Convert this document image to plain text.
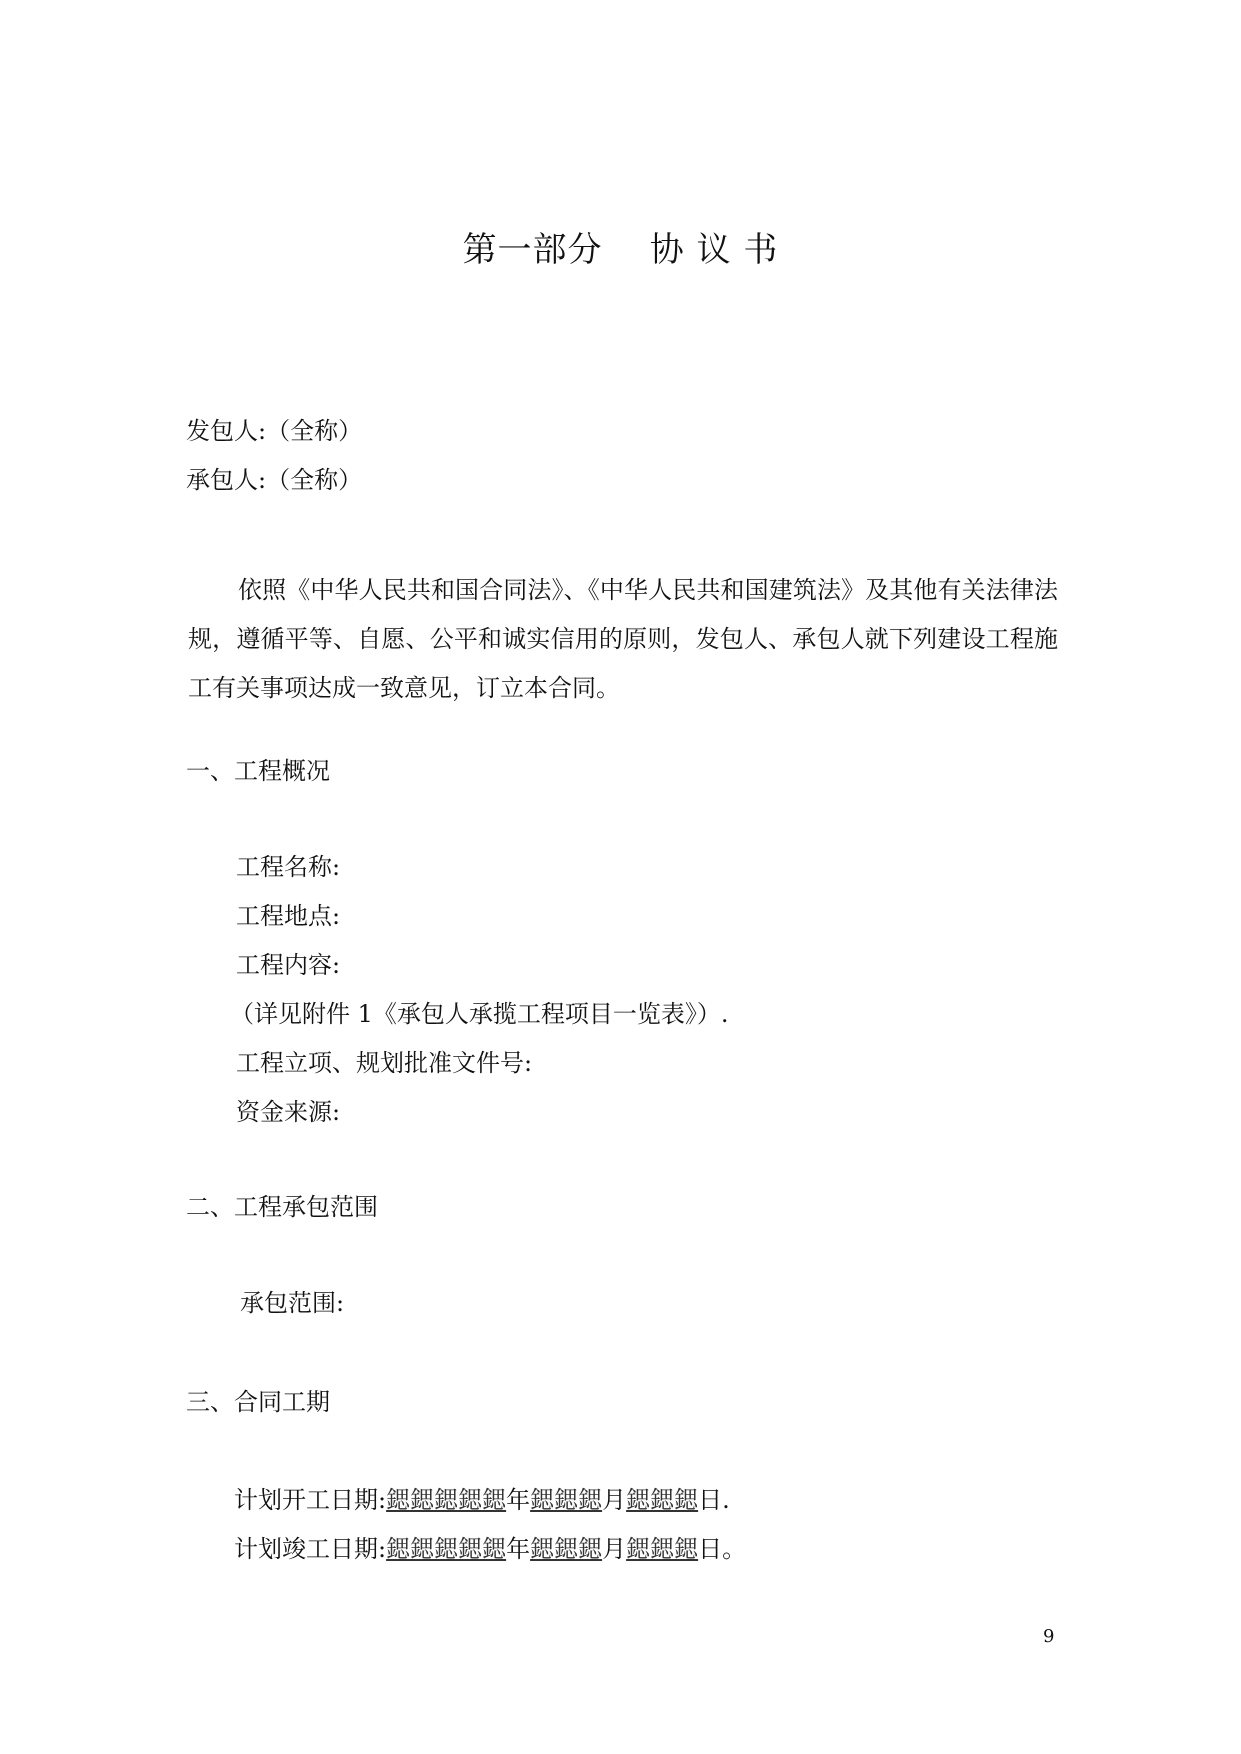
第一部分    协 议 书
发包人:（全称）
承包人:（全称）
依照《中华人民共和国合同法》、《中华人民共和国建筑法》及其他有关法律法规，遵循平等、自愿、公平和诚实信用的原则，发包人、承包人就下列建设工程施工有关事项达成一致意见，订立本合同。
一、工程概况
工程名称:
工程地点:
工程内容:
（详见附件 1《承包人承揽工程项目一览表》）.
工程立项、规划批准文件号:
资金来源:
二、工程承包范围
承包范围:
三、合同工期
计划开工日期:鍶鍶鍶鍶鍶年鍶鍶鍶月鍶鍶鍶日.
计划竣工日期:鍶鍶鍶鍶鍶年鍶鍶鍶月鍶鍶鍶日。
9
